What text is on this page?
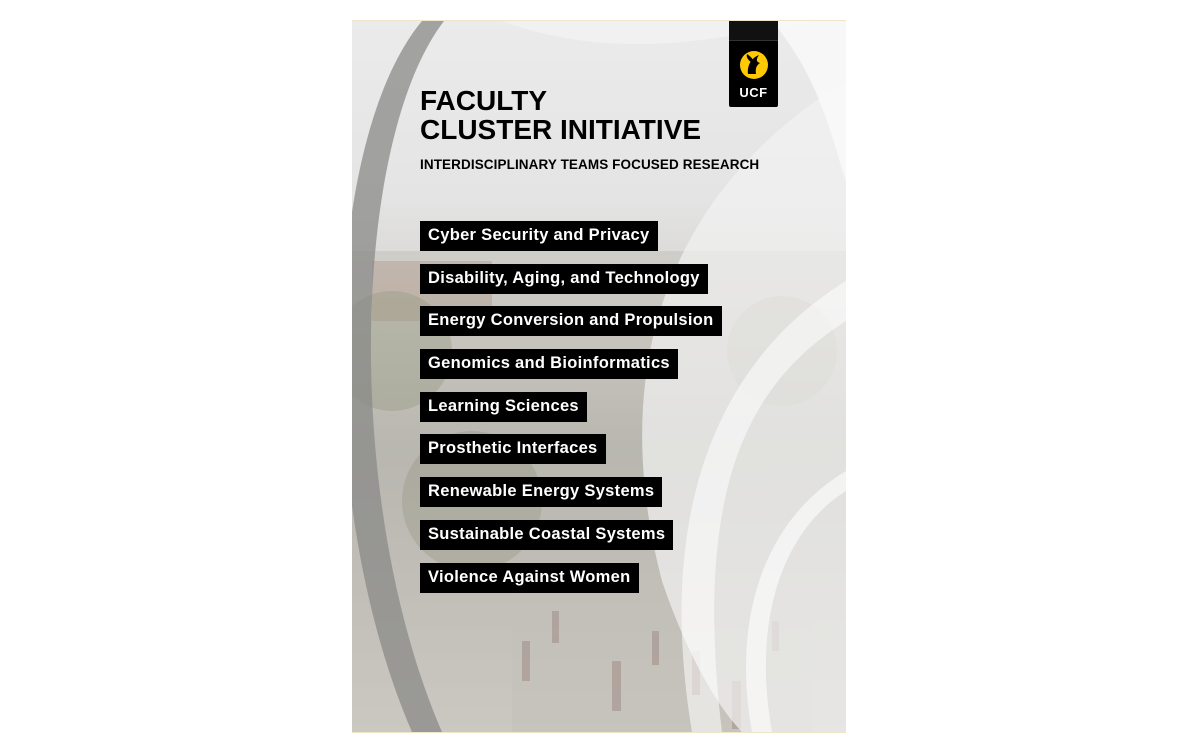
UCF
FACULTY
CLUSTER INITIATIVE

INTERDISCIPLINARY TEAMS FOCUSED RESEARCH

Cyber Security and Privacy
Disability, Aging, and Technology
Energy Conversion and Propulsion
Genomics and Bioinformatics
Learning Sciences
Prosthetic Interfaces
Renewable Energy Systems
Sustainable Coastal Systems
Violence Against Women
